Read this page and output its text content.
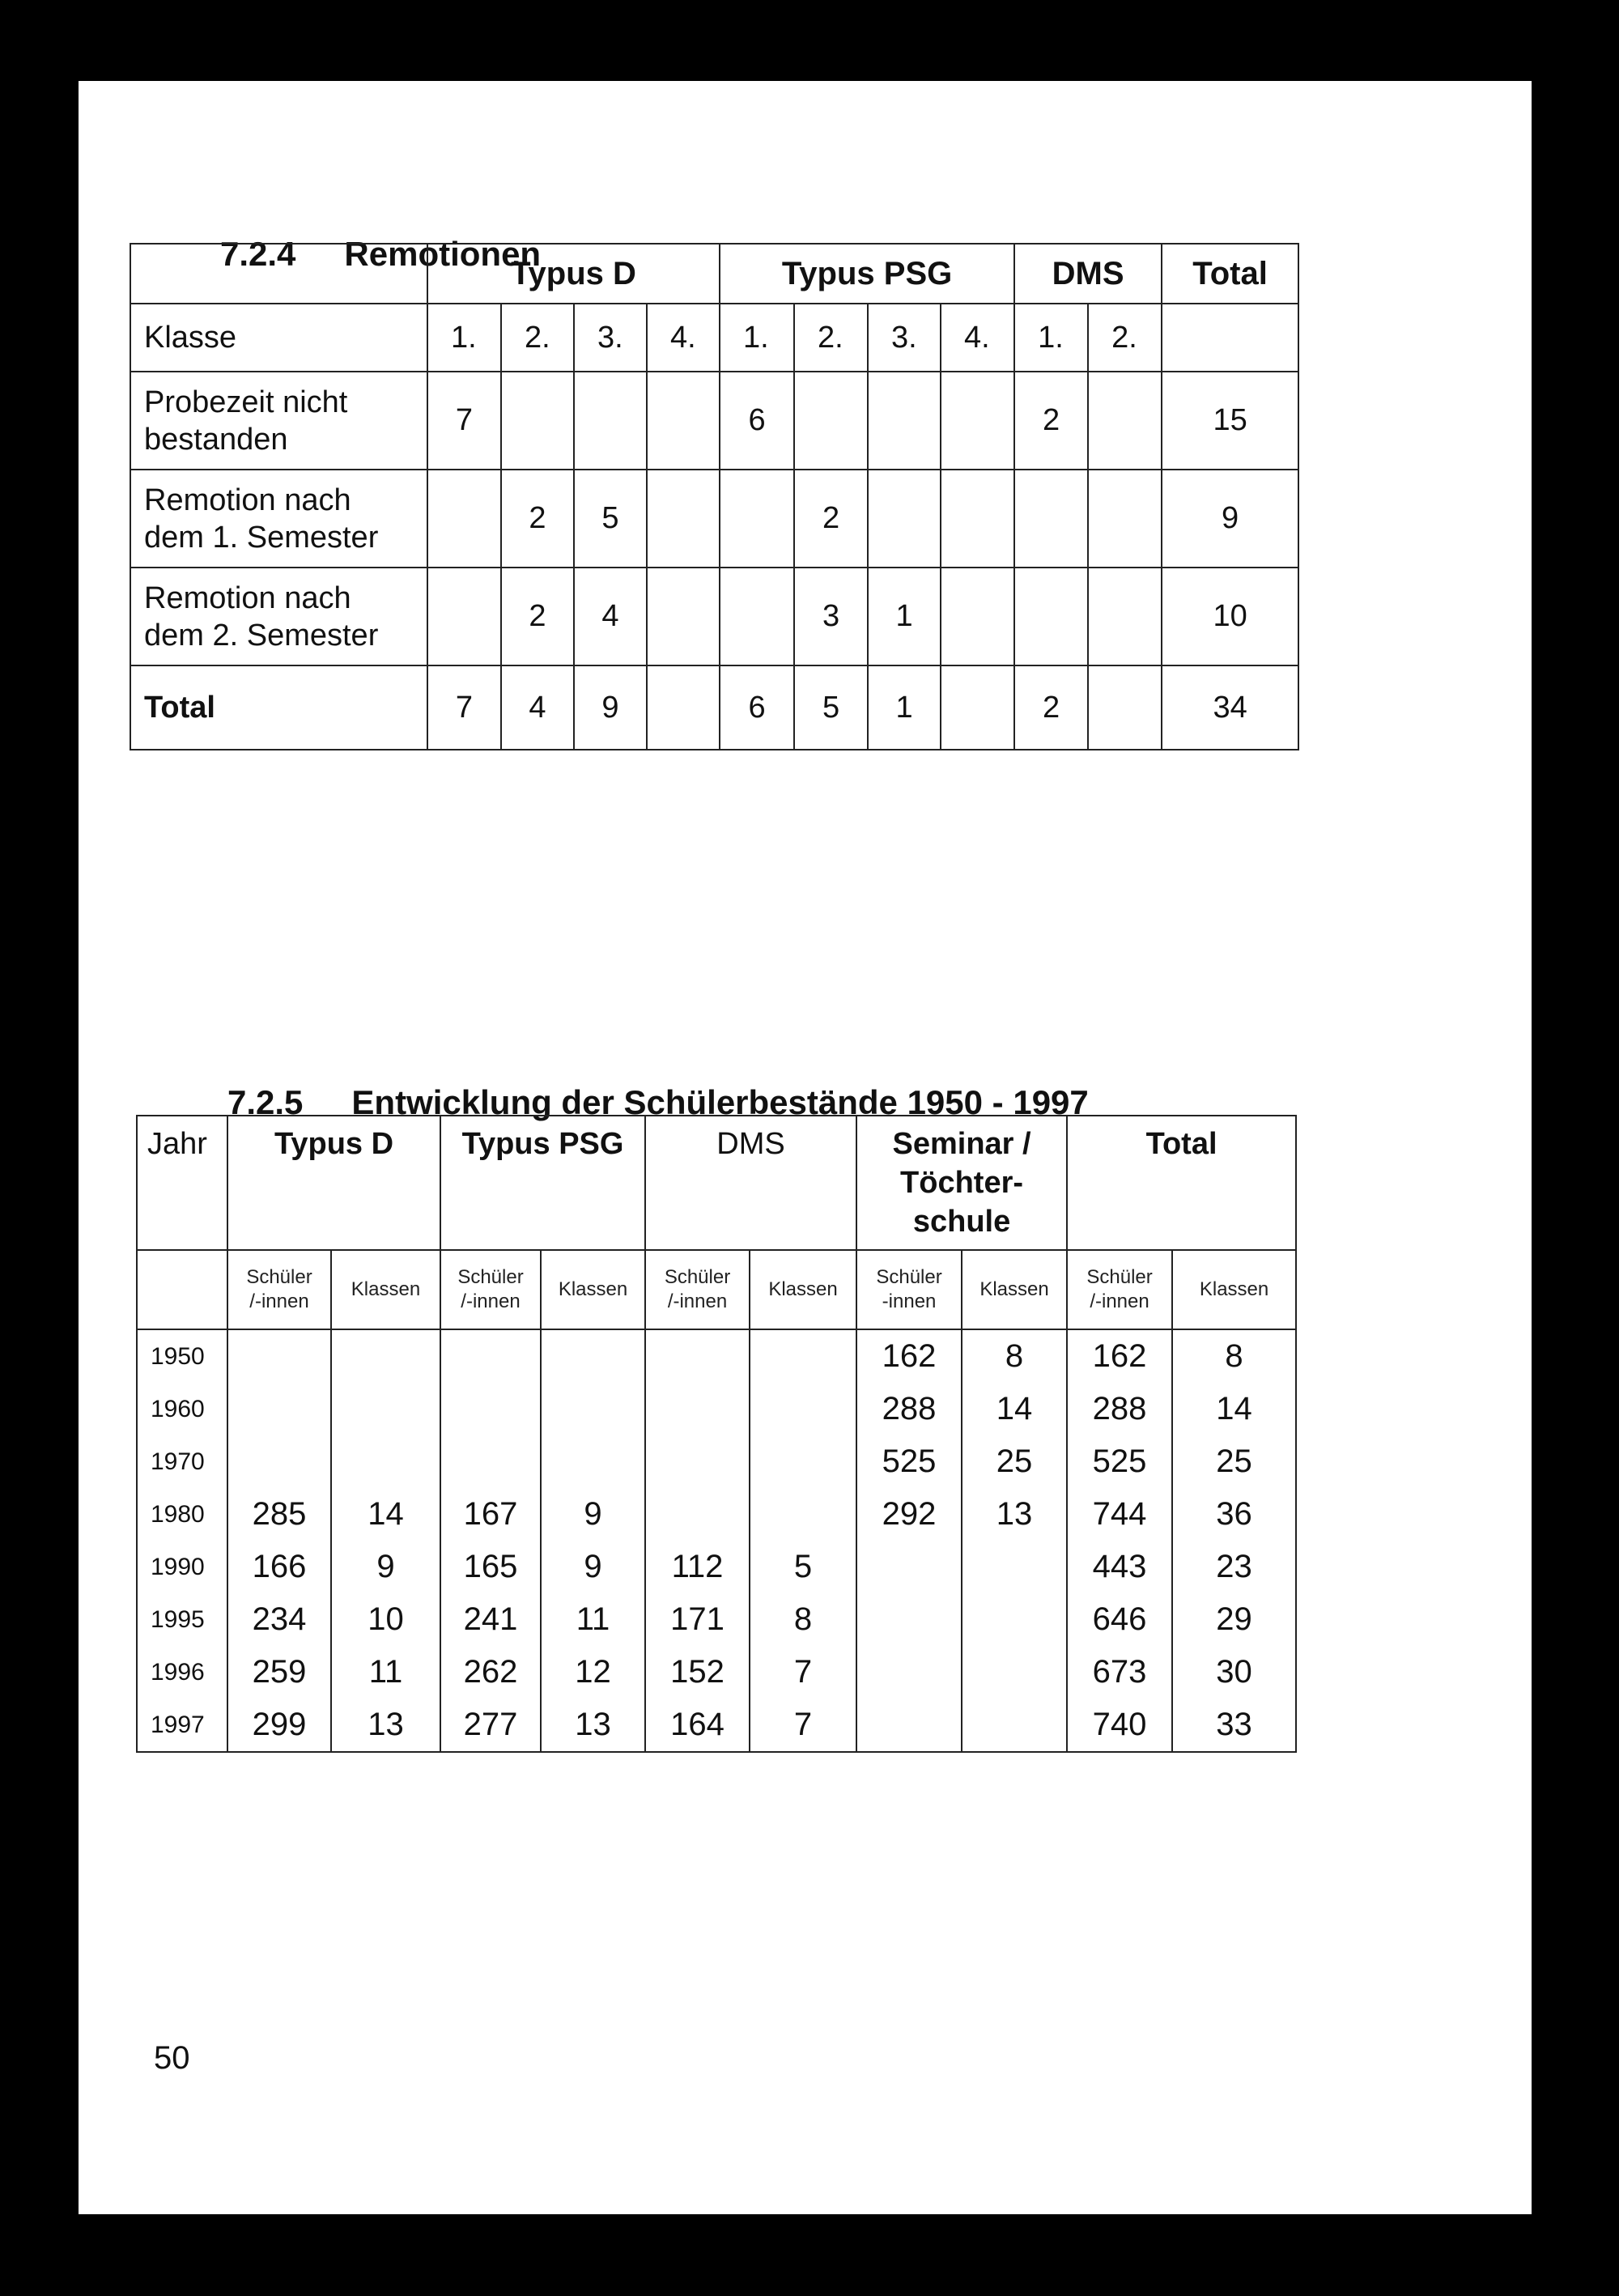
7.2.4 Remotionen
	Typus D				Typus PSG				DMS		Total
Klasse	1.	2.	3.	4.	1.	2.	3.	4.	1.	2.	
Probezeit nicht
bestanden	7				6				2		15
Remotion nach
dem 1. Semester		2	5			2					9
Remotion nach
dem 2. Semester		2	4			3	1				10
Total	7	4	9		6	5	1		2		34
7.2.5 Entwicklung der Schülerbestände 1950 - 1997
Jahr	Typus D		Typus PSG		DMS		Seminar /
Töchter-
schule		Total	
	Schüler
/-innen	Klassen	Schüler
/-innen	Klassen	Schüler
/-innen	Klassen	Schüler
-innen	Klassen	Schüler
/-innen	Klassen
1950							162	8	162	8
1960							288	14	288	14
1970							525	25	525	25
1980	285	14	167	9			292	13	744	36
1990	166	9	165	9	112	5			443	23
1995	234	10	241	11	171	8			646	29
1996	259	11	262	12	152	7			673	30
1997	299	13	277	13	164	7			740	33
50
